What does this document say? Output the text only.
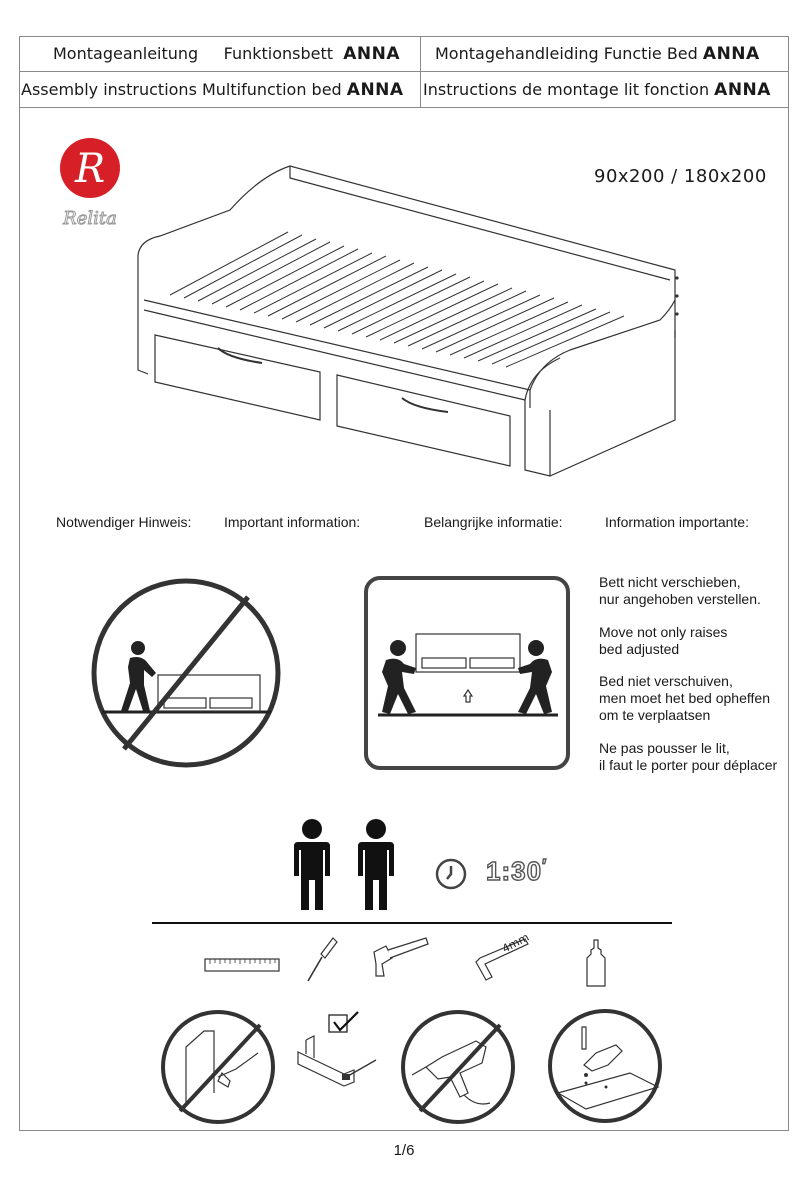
Montageanleitung Funktionsbett ANNA Montagehandleiding Functie Bed ANNA
Assembly instructions Multifunction bed ANNA Instructions de montage lit fonction ANNA
R
Relita
90x200 / 180x200
Notwendiger Hinweis: Important information:	Belangrijke informatie:	Information importante:
Bett nicht verschieben,
nur angehoben verstellen.
Move not only raises
bed adjusted
Bed niet verschuiven,
men moet het bed opheffen
om te verplaatsen
Ne pas pousser le lit,
il faut le porter pour déplacer
1:30′
4mm
1/6
